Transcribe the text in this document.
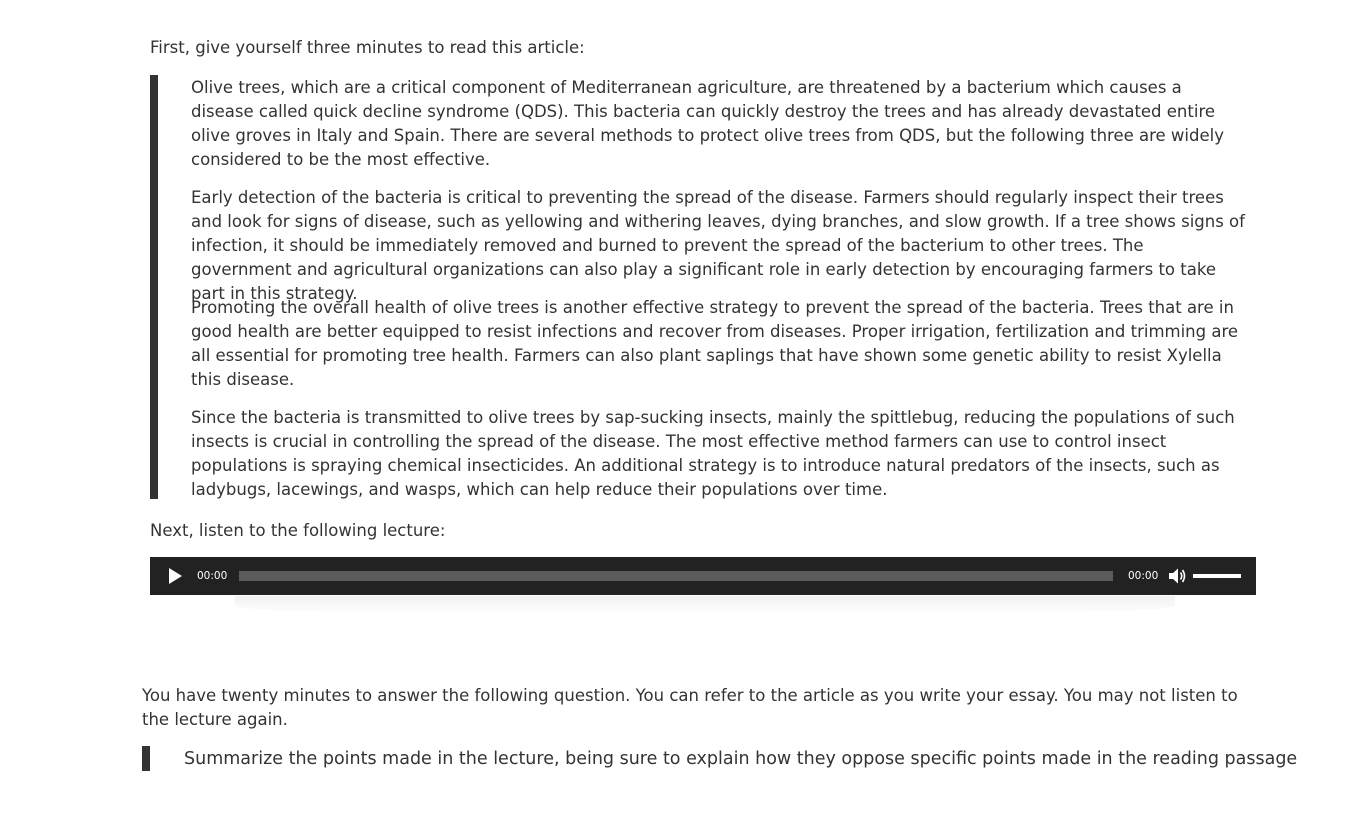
First, give yourself three minutes to read this article:

Olive trees, which are a critical component of Mediterranean agriculture, are threatened by a bacterium which causes a disease called quick decline syndrome (QDS). This bacteria can quickly destroy the trees and has already devastated entire olive groves in Italy and Spain. There are several methods to protect olive trees from QDS, but the following three are widely considered to be the most effective.

Early detection of the bacteria is critical to preventing the spread of the disease. Farmers should regularly inspect their trees and look for signs of disease, such as yellowing and withering leaves, dying branches, and slow growth. If a tree shows signs of infection, it should be immediately removed and burned to prevent the spread of the bacterium to other trees. The government and agricultural organizations can also play a significant role in early detection by encouraging farmers to take part in this strategy.

Promoting the overall health of olive trees is another effective strategy to prevent the spread of the bacteria. Trees that are in good health are better equipped to resist infections and recover from diseases. Proper irrigation, fertilization and trimming are all essential for promoting tree health. Farmers can also plant saplings that have shown some genetic ability to resist Xylella this disease.

Since the bacteria is transmitted to olive trees by sap-sucking insects, mainly the spittlebug, reducing the populations of such insects is crucial in controlling the spread of the disease. The most effective method farmers can use to control insect populations is spraying chemical insecticides. An additional strategy is to introduce natural predators of the insects, such as ladybugs, lacewings, and wasps, which can help reduce their populations over time.

Next, listen to the following lecture:

00:00	00:00

You have twenty minutes to answer the following question. You can refer to the article as you write your essay. You may not listen to the lecture again.

Summarize the points made in the lecture, being sure to explain how they oppose specific points made in the reading passage
